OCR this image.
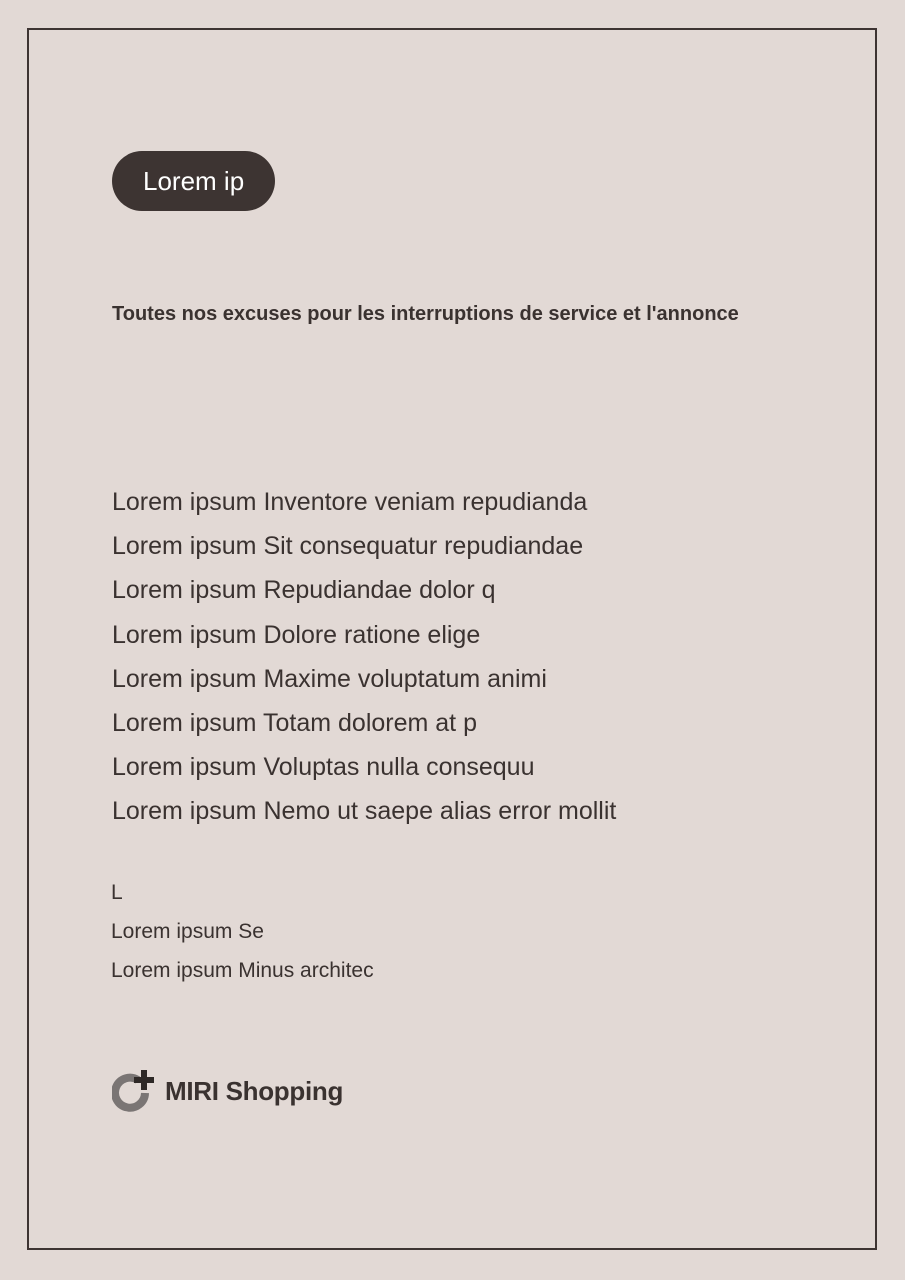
Lorem ip

Toutes nos excuses pour les interruptions de service et l'annonce

Lorem ipsum Inventore veniam repudianda
Lorem ipsum Sit consequatur repudiandae
Lorem ipsum Repudiandae dolor q
Lorem ipsum Dolore ratione elige
Lorem ipsum Maxime voluptatum animi
Lorem ipsum Totam dolorem at p
Lorem ipsum Voluptas nulla consequu
Lorem ipsum Nemo ut saepe alias error mollit
L
Lorem ipsum Se
Lorem ipsum Minus architec
MIRI Shopping
